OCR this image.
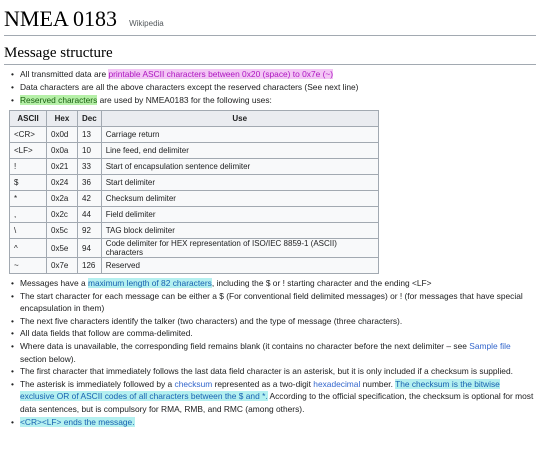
NMEA 0183 Wikipedia
Message structure
• All transmitted data are printable ASCII characters between 0x20 (space) to 0x7e (~)
• Data characters are all the above characters except the reserved characters (See next line)
• Reserved characters are used by NMEA0183 for the following uses:
ASCII	Hex	Dec	Use
<CR>	0x0d	13	Carriage return
<LF>	0x0a	10	Line feed, end delimiter
!	0x21	33	Start of encapsulation sentence delimiter
$	0x24	36	Start delimiter
*	0x2a	42	Checksum delimiter
,	0x2c	44	Field delimiter
\	0x5c	92	TAG block delimiter
^	0x5e	94	Code delimiter for HEX representation of ISO/IEC 8859-1 (ASCII) characters
~	0x7e	126	Reserved
• Messages have a maximum length of 82 characters, including the $ or ! starting character and the ending <LF>
• The start character for each message can be either a $ (For conventional field delimited messages) or ! (for messages that have special encapsulation in them)
• The next five characters identify the talker (two characters) and the type of message (three characters).
• All data fields that follow are comma-delimited.
• Where data is unavailable, the corresponding field remains blank (it contains no character before the next delimiter – see Sample file section below).
• The first character that immediately follows the last data field character is an asterisk, but it is only included if a checksum is supplied.
• The asterisk is immediately followed by a checksum represented as a two-digit hexadecimal number. The checksum is the bitwise exclusive OR of ASCII codes of all characters between the $ and *. According to the official specification, the checksum is optional for most data sentences, but is compulsory for RMA, RMB, and RMC (among others).
• <CR><LF> ends the message.
